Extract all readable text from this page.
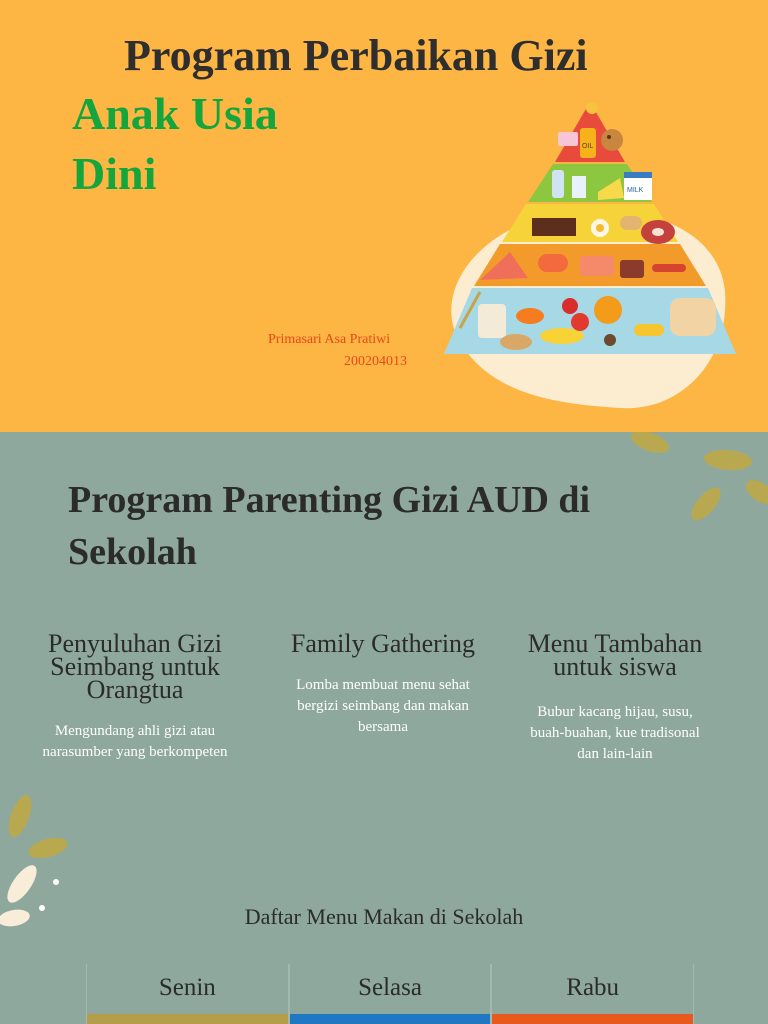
Program Perbaikan Gizi
Anak Usia Dini
OIL
MILK
Primasari Asa Pratiwi
200204013
Program Parenting Gizi AUD di Sekolah
Penyuluhan Gizi Seimbang untuk Orangtua
Mengundang ahli gizi atau narasumber yang berkompeten
Family Gathering
Lomba membuat menu sehat bergizi seimbang dan makan bersama
Menu Tambahan untuk siswa
Bubur kacang hijau, susu, buah-buahan, kue tradisonal dan lain-lain
Daftar Menu Makan di Sekolah
Senin	Selasa	Rabu
